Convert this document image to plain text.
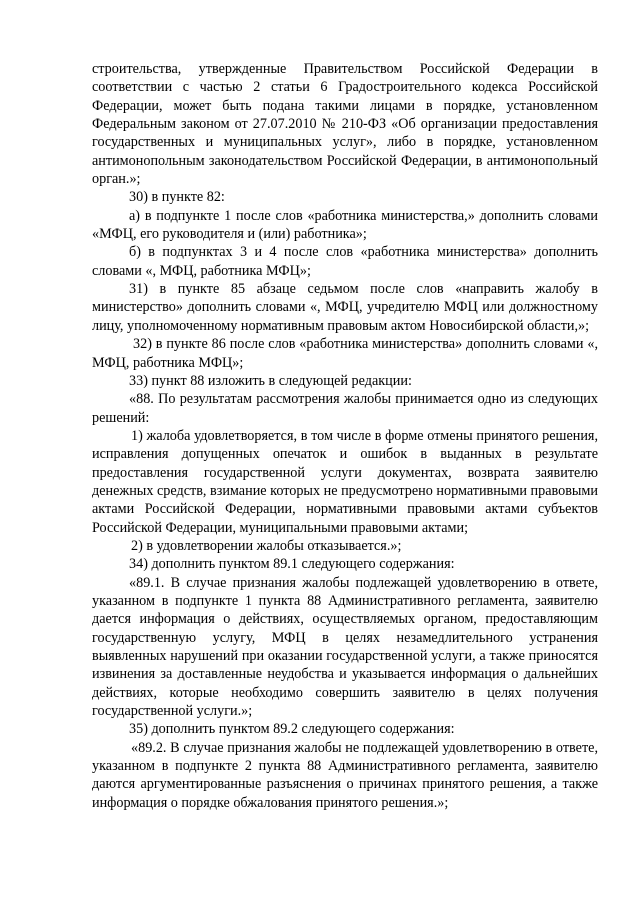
строительства, утвержденные Правительством Российской Федерации в соответствии с частью 2 статьи 6 Градостроительного кодекса Российской Федерации, может быть подана такими лицами в порядке, установленном Федеральным законом от 27.07.2010 № 210-ФЗ «Об организации предоставления государственных и муниципальных услуг», либо в порядке, установленном антимонопольным законодательством Российской Федерации, в антимонопольный орган.»;

30) в пункте 82:

а) в подпункте 1 после слов «работника министерства,» дополнить словами «МФЦ, его руководителя и (или) работника»;

б) в подпунктах 3 и 4 после слов «работника министерства» дополнить словами «, МФЦ, работника МФЦ»;

31) в пункте 85 абзаце седьмом после слов «направить жалобу в министерство» дополнить словами «, МФЦ, учредителю МФЦ или должностному лицу, уполномоченному нормативным правовым актом Новосибирской области,»;

32) в пункте 86 после слов «работника министерства» дополнить словами «, МФЦ, работника МФЦ»;

33) пункт 88 изложить в следующей редакции:

«88. По результатам рассмотрения жалобы принимается одно из следующих решений:

1) жалоба удовлетворяется, в том числе в форме отмены принятого решения, исправления допущенных опечаток и ошибок в выданных в результате предоставления государственной услуги документах, возврата заявителю денежных средств, взимание которых не предусмотрено нормативными правовыми актами Российской Федерации, нормативными правовыми актами субъектов Российской Федерации, муниципальными правовыми актами;

2) в удовлетворении жалобы отказывается.»;

34) дополнить пунктом 89.1 следующего содержания:

«89.1. В случае признания жалобы подлежащей удовлетворению в ответе, указанном в подпункте 1 пункта 88 Административного регламента, заявителю дается информация о действиях, осуществляемых органом, предоставляющим государственную услугу, МФЦ в целях незамедлительного устранения выявленных нарушений при оказании государственной услуги, а также приносятся извинения за доставленные неудобства и указывается информация о дальнейших действиях, которые необходимо совершить заявителю в целях получения государственной услуги.»;

35) дополнить пунктом 89.2 следующего содержания:

«89.2. В случае признания жалобы не подлежащей удовлетворению в ответе, указанном в подпункте 2 пункта 88 Административного регламента, заявителю даются аргументированные разъяснения о причинах принятого решения, а также информация о порядке обжалования принятого решения.»;
